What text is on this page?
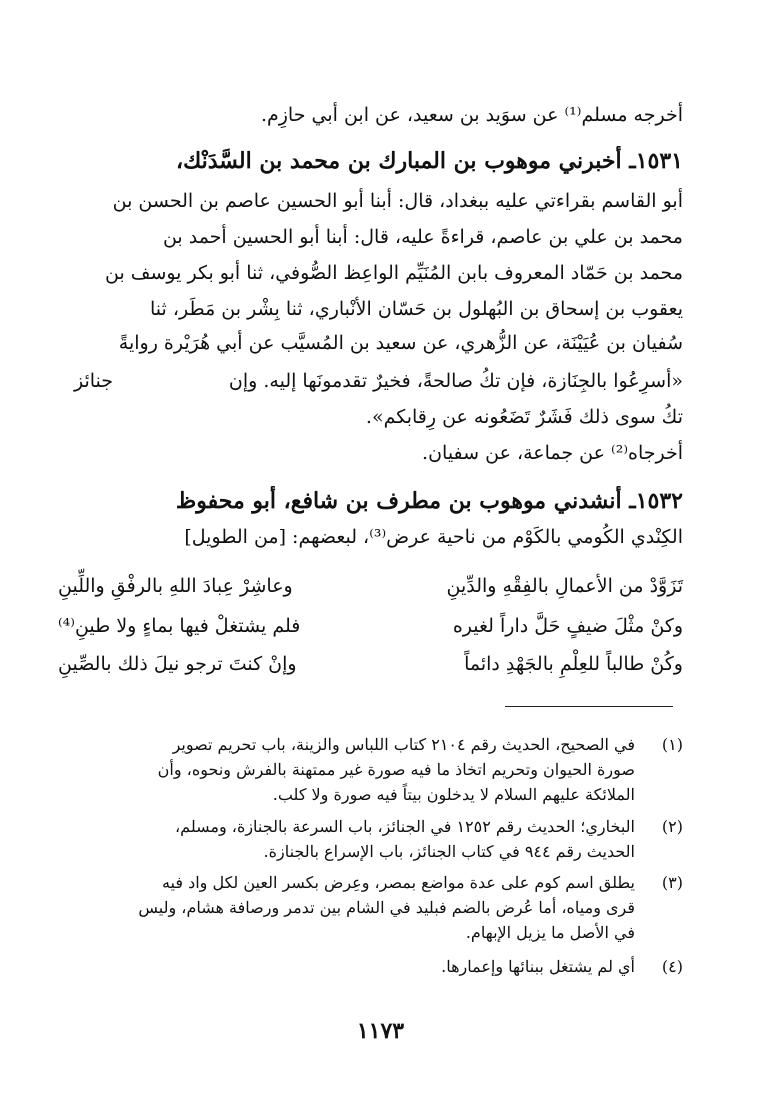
أخرجه مسلم⁽¹⁾ عن سوَيد بن سعيد، عن ابن أبي حازِم.
١٥٣١ـ أخبرني موهوب بن المبارك بن محمد بن السَّدَنْك،
أبو القاسم بقراءتي عليه ببغداد، قال: أبنا أبو الحسين عاصم بن الحسن بن
محمد بن علي بن عاصم، قراءةً عليه، قال: أبنا أبو الحسين أحمد بن
محمد بن حَمّاد المعروف بابن المُنَيِّم الواعِظ الصُّوفي، ثنا أبو بكر يوسف بن
يعقوب بن إسحاق بن البُهلول بن حَسّان الأنْباري، ثنا بِشْر بن مَطَر، ثنا
سُفيان بن عُيَيْنَة، عن الزُّهري، عن سعيد بن المُسيَّب عن أبي هُرَيْرة روايةً
جنائز	«أسرِعُوا بالجِنَازة، فإن تكُ صالحةً، فخيرٌ تقدمونَها إليه. وإن
تكُ سوى ذلك فَشَرٌ تَضَعُونه عن رِقابكم».
أخرجاه⁽²⁾ عن جماعة، عن سفيان.
١٥٣٢ـ أنشدني موهوب بن مطرف بن شافع، أبو محفوظ
الكِنْدي الكُومي بالكَوْم من ناحية عرض⁽³⁾، لبعضهم: [من الطويل]
تَزَوَّدْ من الأعمالِ بالفِقْهِ والدِّينِ
وعاشِرْ عِبادَ اللهِ بالرفْقِ واللِّينِ
وكنْ مثْلَ ضيفٍ حَلَّ داراً لغيره
فلم يشتغلْ فيها بماءٍ ولا طينِ⁽⁴⁾
وكُنْ طالباً للعِلْمِ بالجَهْدِ دائماً
وإنْ كنتَ ترجو نيلَ ذلك بالصِّينِ
(١)
في الصحيح، الحديث رقم ٢١٠٤ كتاب اللباس والزينة، باب تحريم تصوير
صورة الحيوان وتحريم اتخاذ ما فيه صورة غير ممتهنة بالفرش ونحوه، وأن
الملائكة عليهم السلام لا يدخلون بيتاً فيه صورة ولا كلب.
(٢)
البخاري؛ الحديث رقم ١٢٥٢ في الجنائز، باب السرعة بالجنازة، ومسلم،
الحديث رقم ٩٤٤ في كتاب الجنائز، باب الإسراع بالجنازة.
(٣)
يطلق اسم كوم على عدة مواضع بمصر، وعِرض بكسر العين لكل واد فيه
قرى ومياه، أما عُرض بالضم فبليد في الشام بين تدمر ورصافة هشام، وليس
في الأصل ما يزيل الإبهام.
(٤)
أي لم يشتغل ببنائها وإعمارها.
١١٧٣
